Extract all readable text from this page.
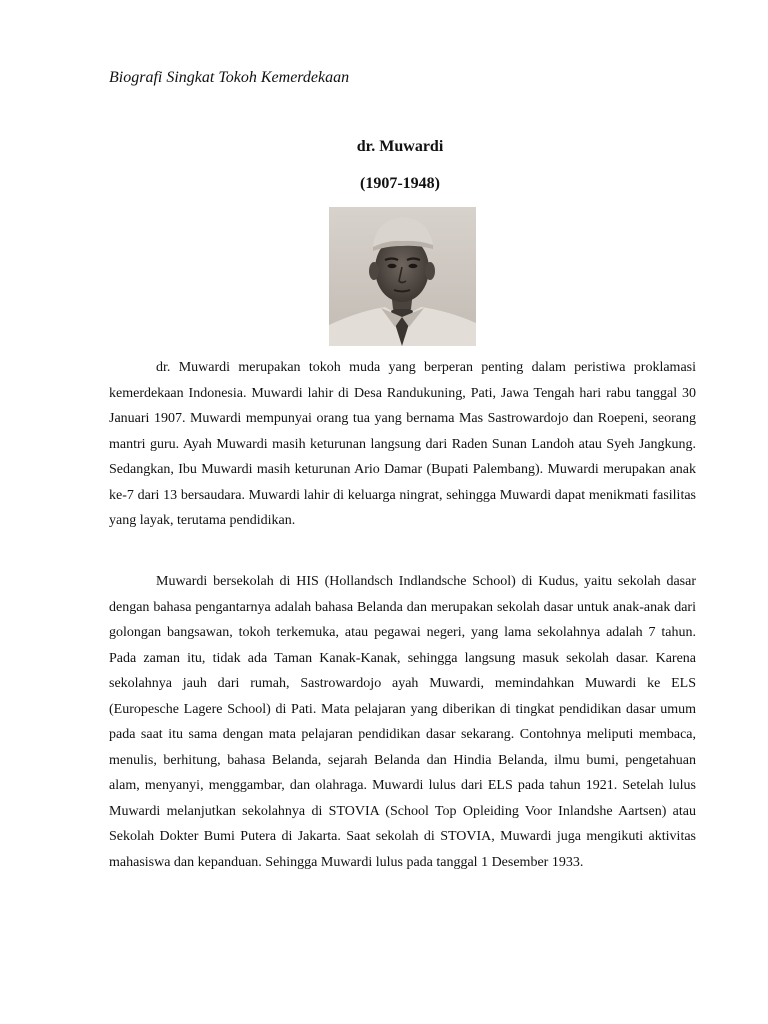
Biografi Singkat Tokoh Kemerdekaan
dr. Muwardi
(1907-1948)

dr. Muwardi merupakan tokoh muda yang berperan penting dalam peristiwa proklamasi kemerdekaan Indonesia. Muwardi lahir di Desa Randukuning, Pati, Jawa Tengah hari rabu tanggal 30 Januari 1907. Muwardi mempunyai orang tua yang bernama Mas Sastrowardojo dan Roepeni, seorang mantri guru. Ayah Muwardi masih keturunan langsung dari Raden Sunan Landoh atau Syeh Jangkung. Sedangkan, Ibu Muwardi masih keturunan Ario Damar (Bupati Palembang). Muwardi merupakan anak ke-7 dari 13 bersaudara. Muwardi lahir di keluarga ningrat, sehingga Muwardi dapat menikmati fasilitas yang layak, terutama pendidikan.

Muwardi bersekolah di HIS (Hollandsch Indlandsche School) di Kudus, yaitu sekolah dasar dengan bahasa pengantarnya adalah bahasa Belanda dan merupakan sekolah dasar untuk anak-anak dari golongan bangsawan, tokoh terkemuka, atau pegawai negeri, yang lama sekolahnya adalah 7 tahun. Pada zaman itu, tidak ada Taman Kanak-Kanak, sehingga langsung masuk sekolah dasar. Karena sekolahnya jauh dari rumah, Sastrowardojo ayah Muwardi, memindahkan Muwardi ke ELS (Europesche Lagere School) di Pati. Mata pelajaran yang diberikan di tingkat pendidikan dasar umum pada saat itu sama dengan mata pelajaran pendidikan dasar sekarang. Contohnya meliputi membaca, menulis, berhitung, bahasa Belanda, sejarah Belanda dan Hindia Belanda, ilmu bumi, pengetahuan alam, menyanyi, menggambar, dan olahraga. Muwardi lulus dari ELS pada tahun 1921. Setelah lulus Muwardi melanjutkan sekolahnya di STOVIA (School Top Opleiding Voor Inlandshe Aartsen) atau Sekolah Dokter Bumi Putera di Jakarta. Saat sekolah di STOVIA, Muwardi juga mengikuti aktivitas mahasiswa dan kepanduan. Sehingga Muwardi lulus pada tanggal 1 Desember 1933.
